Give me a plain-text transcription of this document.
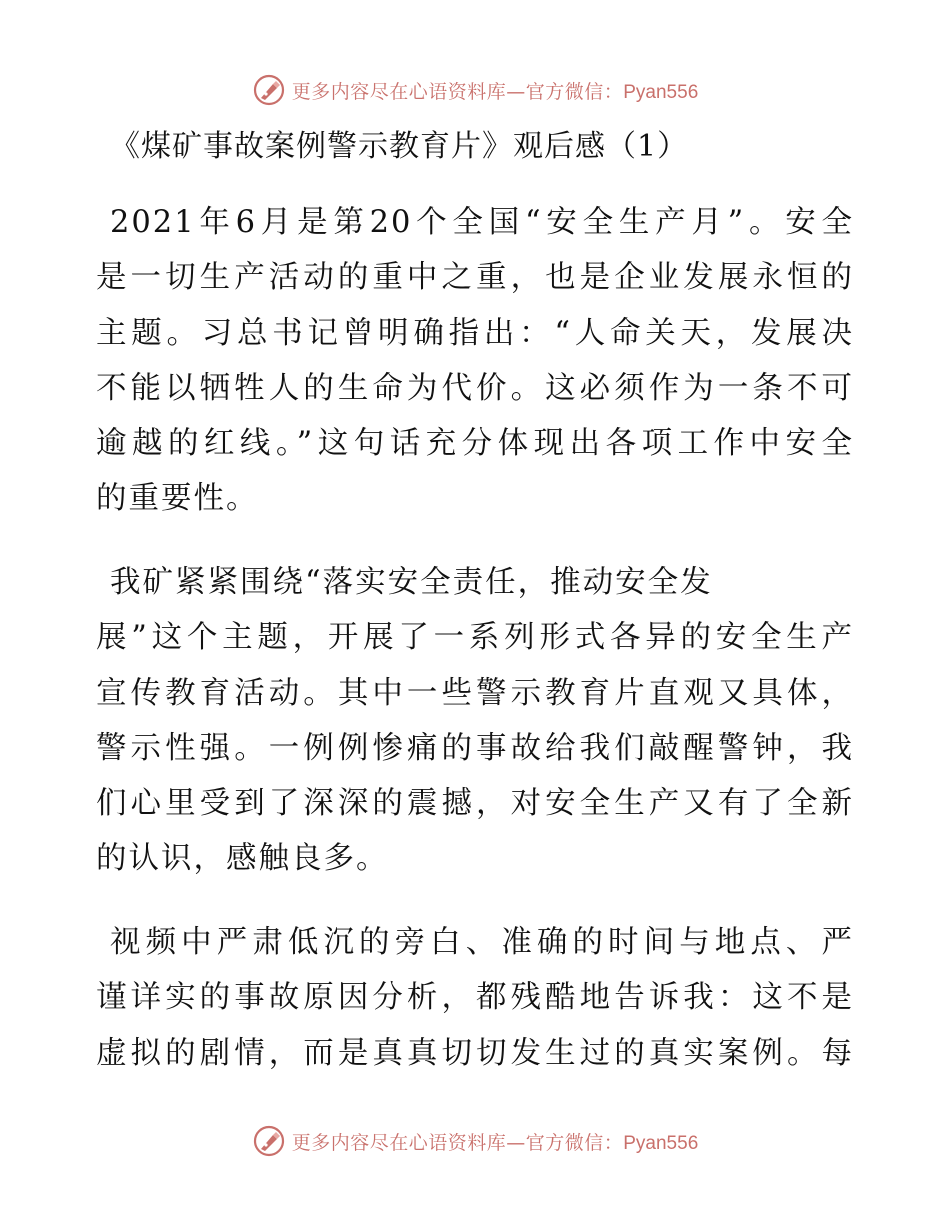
更多内容尽在心语资料库—官方微信：Pyan556
《煤矿事故案例警示教育片》观后感（1）
2021年6月是第20个全国“安全生产月”。安全
是一切生产活动的重中之重，也是企业发展永恒的
主题。习总书记曾明确指出：“人命关天，发展决
不能以牺牲人的生命为代价。这必须作为一条不可
逾越的红线。”这句话充分体现出各项工作中安全
的重要性。
我矿紧紧围绕“落实安全责任，推动安全发
展”这个主题，开展了一系列形式各异的安全生产
宣传教育活动。其中一些警示教育片直观又具体，
警示性强。一例例惨痛的事故给我们敲醒警钟，我
们心里受到了深深的震撼，对安全生产又有了全新
的认识，感触良多。
视频中严肃低沉的旁白、准确的时间与地点、严
谨详实的事故原因分析，都残酷地告诉我：这不是
虚拟的剧情，而是真真切切发生过的真实案例。每
更多内容尽在心语资料库—官方微信：Pyan556
